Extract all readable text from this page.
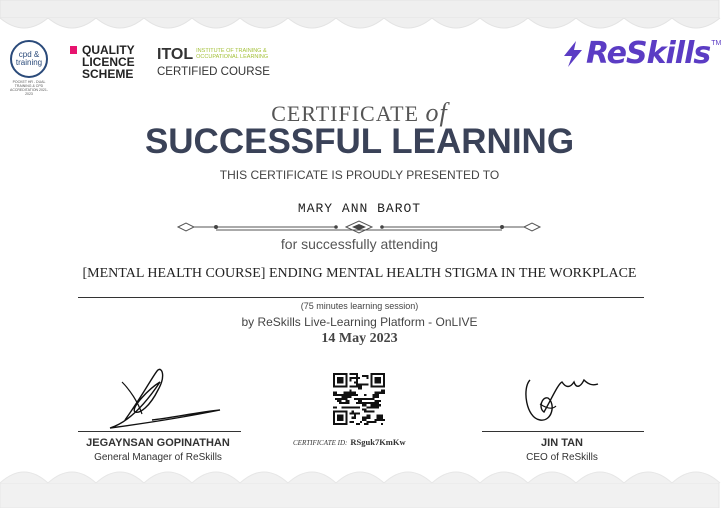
cpd & training
POCKET HR - DUAL TRAINING & CPD ACCREDITATION 2021-2023
QUALITY
LICENCE
SCHEME
ITOL INSTITUTE OF TRAINING & OCCUPATIONAL LEARNING
CERTIFIED COURSE
ReSkills TM
CERTIFICATE of
SUCCESSFUL LEARNING
THIS CERTIFICATE IS PROUDLY PRESENTED TO
MARY ANN BAROT
for successfully attending
[MENTAL HEALTH COURSE] ENDING MENTAL HEALTH STIGMA IN THE WORKPLACE
(75 minutes learning session)
by ReSkills Live-Learning Platform - OnLIVE
14 May 2023
JEGAYNSAN GOPINATHAN
General Manager of ReSkills
CERTIFICATE ID: RSguk7KmKw	JIN TAN
CEO of ReSkills
